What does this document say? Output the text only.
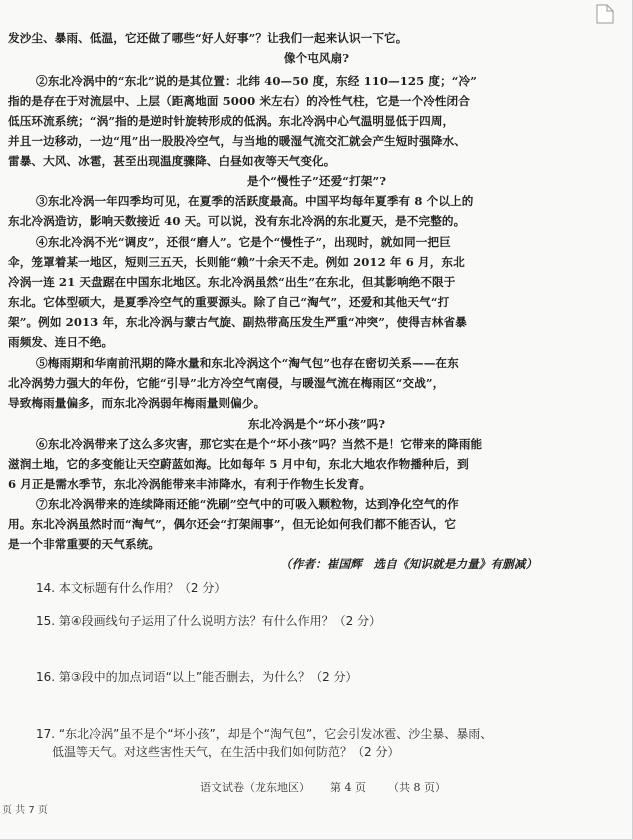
发沙尘、暴雨、低温，它还做了哪些“好人好事”？让我们一起来认识一下它。
像个屯风扇?
②东北冷涡中的“东北”说的是其位置：北纬 40—50 度，东经 110—125 度；“冷”
指的是存在于对流层中、上层（距离地面 5000 米左右）的冷性气柱，它是一个冷性闭合
低压环流系统；“涡”指的是逆时针旋转形成的低涡。东北冷涡中心气温明显低于四周，
并且一边移动，一边“甩”出一股股冷空气，与当地的暖湿气流交汇就会产生短时强降水、
雷暴、大风、冰雹，甚至出现温度骤降、白昼如夜等天气变化。
是个“慢性子”还爱“打架”?
③东北冷涡一年四季均可见，在夏季的活跃度最高。中国平均每年夏季有 8 个以上的
东北冷涡造访，影响天数接近 40 天。可以说，没有东北冷涡的东北夏天，是不完整的。
④东北冷涡不光“调皮”，还很“磨人”。它是个“慢性子”，出现时，就如同一把巨
伞，笼罩着某一地区，短则三五天，长则能“赖”十余天不走。例如 2012 年 6 月，东北
冷涡一连 21 天盘踞在中国东北地区。东北冷涡虽然“出生”在东北，但其影响绝不限于
东北。它体型硕大，是夏季冷空气的重要源头。除了自己“淘气”，还爱和其他天气“打
架”。例如 2013 年，东北冷涡与蒙古气旋、副热带高压发生严重“冲突”，使得吉林省暴
雨频发、连日不绝。
⑤梅雨期和华南前汛期的降水量和东北冷涡这个“淘气包”也存在密切关系——在东
北冷涡势力强大的年份，它能“引导”北方冷空气南侵，与暖湿气流在梅雨区“交战”，
导致梅雨量偏多，而东北冷涡弱年梅雨量则偏少。
东北冷涡是个“坏小孩”吗?
⑥东北冷涡带来了这么多灾害，那它实在是个“坏小孩”吗？当然不是！它带来的降雨能
滋润土地，它的多变能让天空蔚蓝如海。比如每年 5 月中旬，东北大地农作物播种后，到
6 月正是需水季节，东北冷涡能带来丰沛降水，有利于作物生长发育。
⑦东北冷涡带来的连续降雨还能“洗刷”空气中的可吸入颗粒物，达到净化空气的作
用。东北冷涡虽然时而“淘气”，偶尔还会“打架闹事”，但无论如何我们都不能否认，它
是一个非常重要的天气系统。
（作者：崔国辉　选自《知识就是力量》有删减）
14. 本文标题有什么作用？（2 分）
15. 第④段画线句子运用了什么说明方法？有什么作用？（2 分）
16. 第③段中的加点词语“以上”能否删去，为什么？（2 分）
17. “东北冷涡”虽不是个“坏小孩”，却是个“淘气包”，它会引发冰雹、沙尘暴、暴雨、
低温等天气。对这些害性天气，在生活中我们如何防范？（2 分）
语文试卷（龙东地区） 第 4 页 （共 8 页）
页 共 7 页
